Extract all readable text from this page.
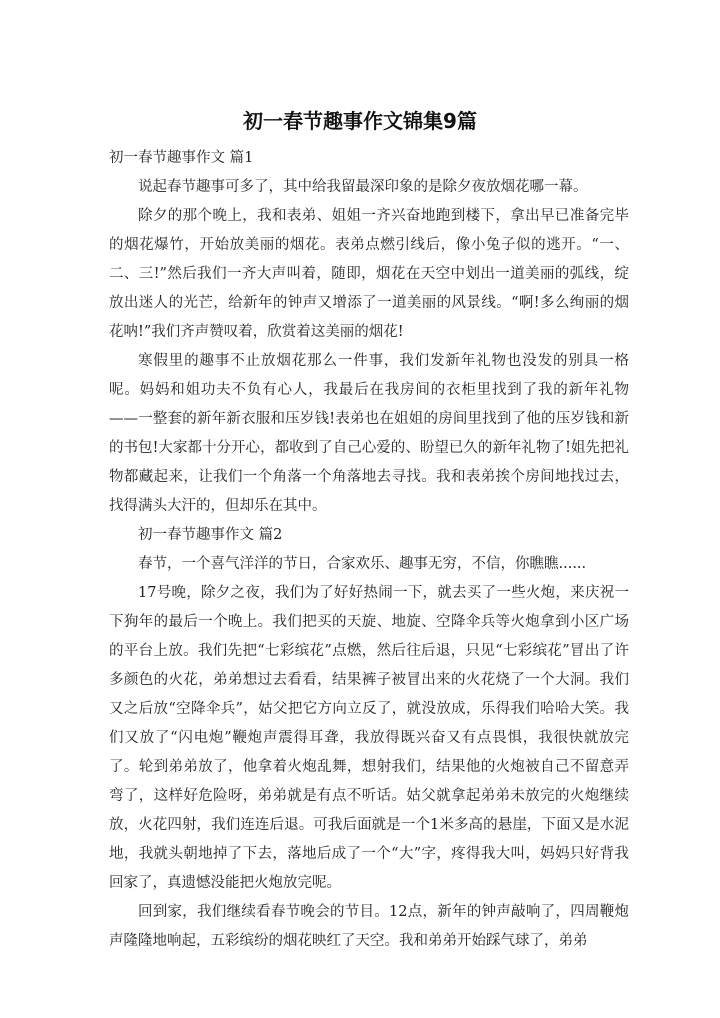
初一春节趣事作文锦集9篇

初一春节趣事作文 篇1

说起春节趣事可多了，其中给我留最深印象的是除夕夜放烟花哪一幕。

除夕的那个晚上，我和表弟、姐姐一齐兴奋地跑到楼下，拿出早已准备完毕的烟花爆竹，开始放美丽的烟花。表弟点燃引线后，像小兔子似的逃开。“一、二、三!”然后我们一齐大声叫着，随即，烟花在天空中划出一道美丽的弧线，绽放出迷人的光芒，给新年的钟声又增添了一道美丽的风景线。“啊!多么绚丽的烟花呐!”我们齐声赞叹着，欣赏着这美丽的烟花!

寒假里的趣事不止放烟花那么一件事，我们发新年礼物也没发的别具一格呢。妈妈和姐功夫不负有心人，我最后在我房间的衣柜里找到了我的新年礼物——一整套的新年新衣服和压岁钱!表弟也在姐姐的房间里找到了他的压岁钱和新的书包!大家都十分开心，都收到了自己心爱的、盼望已久的新年礼物了!姐先把礼物都藏起来，让我们一个角落一个角落地去寻找。我和表弟挨个房间地找过去，找得满头大汗的，但却乐在其中。

初一春节趣事作文 篇2

春节，一个喜气洋洋的节日，合家欢乐、趣事无穷，不信，你瞧瞧......

17号晚，除夕之夜，我们为了好好热闹一下，就去买了一些火炮，来庆祝一下狗年的最后一个晚上。我们把买的天旋、地旋、空降伞兵等火炮拿到小区广场的平台上放。我们先把“七彩缤花”点燃，然后往后退，只见“七彩缤花”冒出了许多颜色的火花，弟弟想过去看看，结果裤子被冒出来的火花烧了一个大洞。我们又之后放“空降伞兵”，姑父把它方向立反了，就没放成，乐得我们哈哈大笑。我们又放了“闪电炮”鞭炮声震得耳聋，我放得既兴奋又有点畏惧，我很快就放完了。轮到弟弟放了，他拿着火炮乱舞，想射我们，结果他的火炮被自己不留意弄弯了，这样好危险呀，弟弟就是有点不听话。姑父就拿起弟弟未放完的火炮继续放，火花四射，我们连连后退。可我后面就是一个1米多高的悬崖，下面又是水泥地，我就头朝地掉了下去，落地后成了一个“大”字，疼得我大叫，妈妈只好背我回家了，真遗憾没能把火炮放完呢。

回到家，我们继续看春节晚会的节目。12点，新年的钟声敲响了，四周鞭炮声隆隆地响起，五彩缤纷的烟花映红了天空。我和弟弟开始踩气球了，弟弟
